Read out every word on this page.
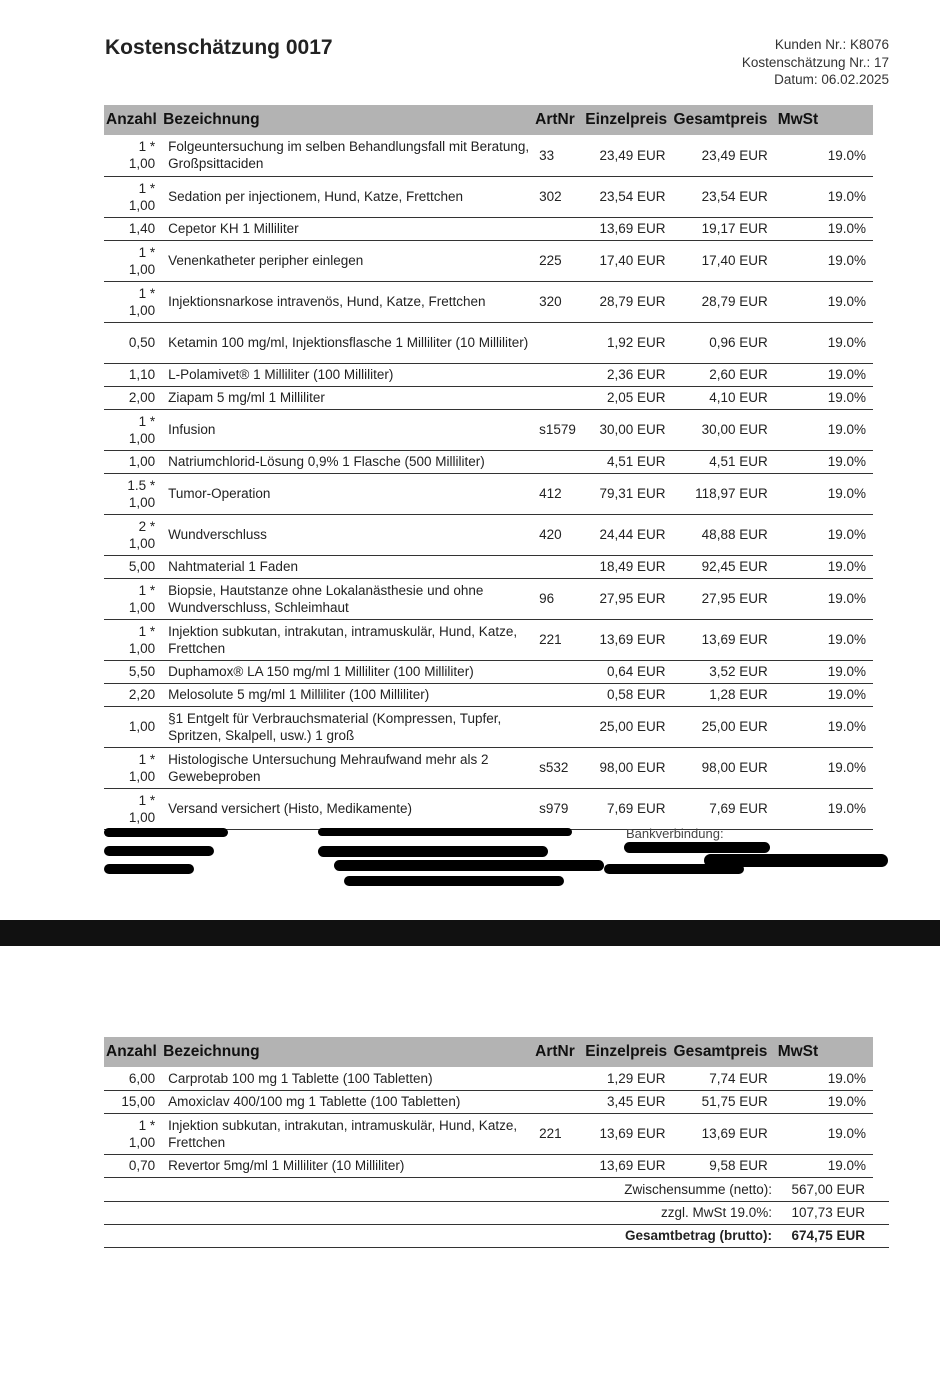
Kostenschätzung 0017	Kunden Nr.: K8076
Kostenschätzung Nr.: 17
Datum: 06.02.2025
Anzahl	Bezeichnung	ArtNr	Einzelpreis	Gesamtpreis	MwSt
1 *
1,00	Folgeuntersuchung im selben Behandlungsfall mit Beratung, Großpsittaciden	33	23,49 EUR	23,49 EUR	19.0%
1 *
1,00	Sedation per injectionem, Hund, Katze, Frettchen	302	23,54 EUR	23,54 EUR	19.0%
1,40	Cepetor KH 1 Milliliter		13,69 EUR	19,17 EUR	19.0%
1 *
1,00	Venenkatheter peripher einlegen	225	17,40 EUR	17,40 EUR	19.0%
1 *
1,00	Injektionsnarkose intravenös, Hund, Katze, Frettchen	320	28,79 EUR	28,79 EUR	19.0%
0,50	Ketamin 100 mg/ml, Injektionsflasche 1 Milliliter (10 Milliliter)		1,92 EUR	0,96 EUR	19.0%
1,10	L-Polamivet® 1 Milliliter (100 Milliliter)		2,36 EUR	2,60 EUR	19.0%
2,00	Ziapam 5 mg/ml 1 Milliliter		2,05 EUR	4,10 EUR	19.0%
1 *
1,00	Infusion	s1579	30,00 EUR	30,00 EUR	19.0%
1,00	Natriumchlorid-Lösung 0,9% 1 Flasche (500 Milliliter)		4,51 EUR	4,51 EUR	19.0%
1.5 *
1,00	Tumor-Operation	412	79,31 EUR	118,97 EUR	19.0%
2 *
1,00	Wundverschluss	420	24,44 EUR	48,88 EUR	19.0%
5,00	Nahtmaterial 1 Faden		18,49 EUR	92,45 EUR	19.0%
1 *
1,00	Biopsie, Hautstanze ohne Lokalanästhesie und ohne Wundverschluss, Schleimhaut	96	27,95 EUR	27,95 EUR	19.0%
1 *
1,00	Injektion subkutan, intrakutan, intramuskulär, Hund, Katze, Frettchen	221	13,69 EUR	13,69 EUR	19.0%
5,50	Duphamox® LA 150 mg/ml 1 Milliliter (100 Milliliter)		0,64 EUR	3,52 EUR	19.0%
2,20	Melosolute 5 mg/ml 1 Milliliter (100 Milliliter)		0,58 EUR	1,28 EUR	19.0%
1,00	§1 Entgelt für Verbrauchsmaterial (Kompressen, Tupfer, Spritzen, Skalpell, usw.) 1 groß		25,00 EUR	25,00 EUR	19.0%
1 *
1,00	Histologische Untersuchung Mehraufwand mehr als 2 Gewebeproben	s532	98,00 EUR	98,00 EUR	19.0%
1 *
1,00	Versand versichert (Histo, Medikamente)	s979	7,69 EUR	7,69 EUR	19.0%
Bankverbindung:
Anzahl	Bezeichnung	ArtNr	Einzelpreis	Gesamtpreis	MwSt
6,00	Carprotab 100 mg 1 Tablette (100 Tabletten)		1,29 EUR	7,74 EUR	19.0%
15,00	Amoxiclav 400/100 mg 1 Tablette (100 Tabletten)		3,45 EUR	51,75 EUR	19.0%
1 *
1,00	Injektion subkutan, intrakutan, intramuskulär, Hund, Katze, Frettchen	221	13,69 EUR	13,69 EUR	19.0%
0,70	Revertor 5mg/ml 1 Milliliter (10 Milliliter)		13,69 EUR	9,58 EUR	19.0%
Zwischensumme (netto):	567,00 EUR
zzgl. MwSt 19.0%:	107,73 EUR
Gesamtbetrag (brutto):	674,75 EUR
